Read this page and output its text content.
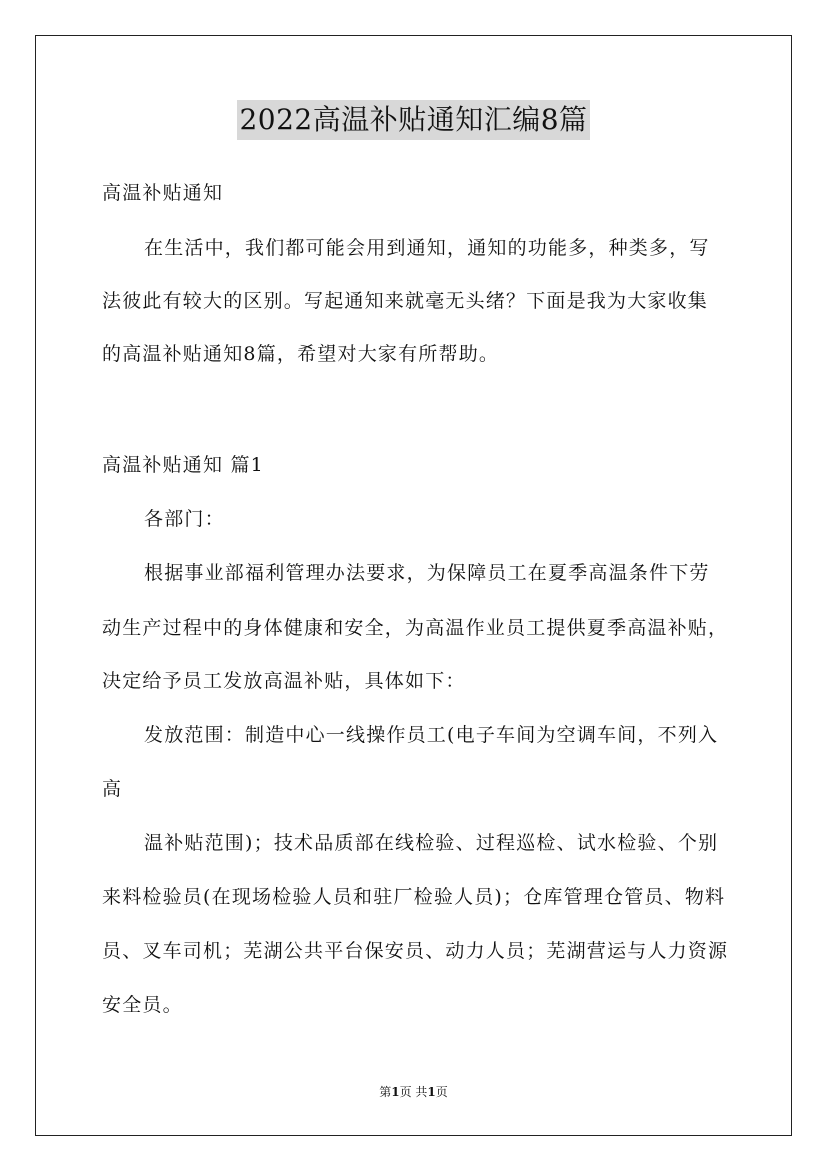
2022高温补贴通知汇编8篇
高温补贴通知
在生活中，我们都可能会用到通知，通知的功能多，种类多，写
法彼此有较大的区别。写起通知来就毫无头绪？下面是我为大家收集
的高温补贴通知8篇，希望对大家有所帮助。
高温补贴通知 篇1
各部门：
根据事业部福利管理办法要求，为保障员工在夏季高温条件下劳
动生产过程中的身体健康和安全，为高温作业员工提供夏季高温补贴，
决定给予员工发放高温补贴，具体如下：
发放范围：制造中心一线操作员工(电子车间为空调车间，不列入
高
温补贴范围)；技术品质部在线检验、过程巡检、试水检验、个别
来料检验员(在现场检验人员和驻厂检验人员)；仓库管理仓管员、物料
员、叉车司机；芜湖公共平台保安员、动力人员；芜湖营运与人力资源
安全员。
第1页 共1页
